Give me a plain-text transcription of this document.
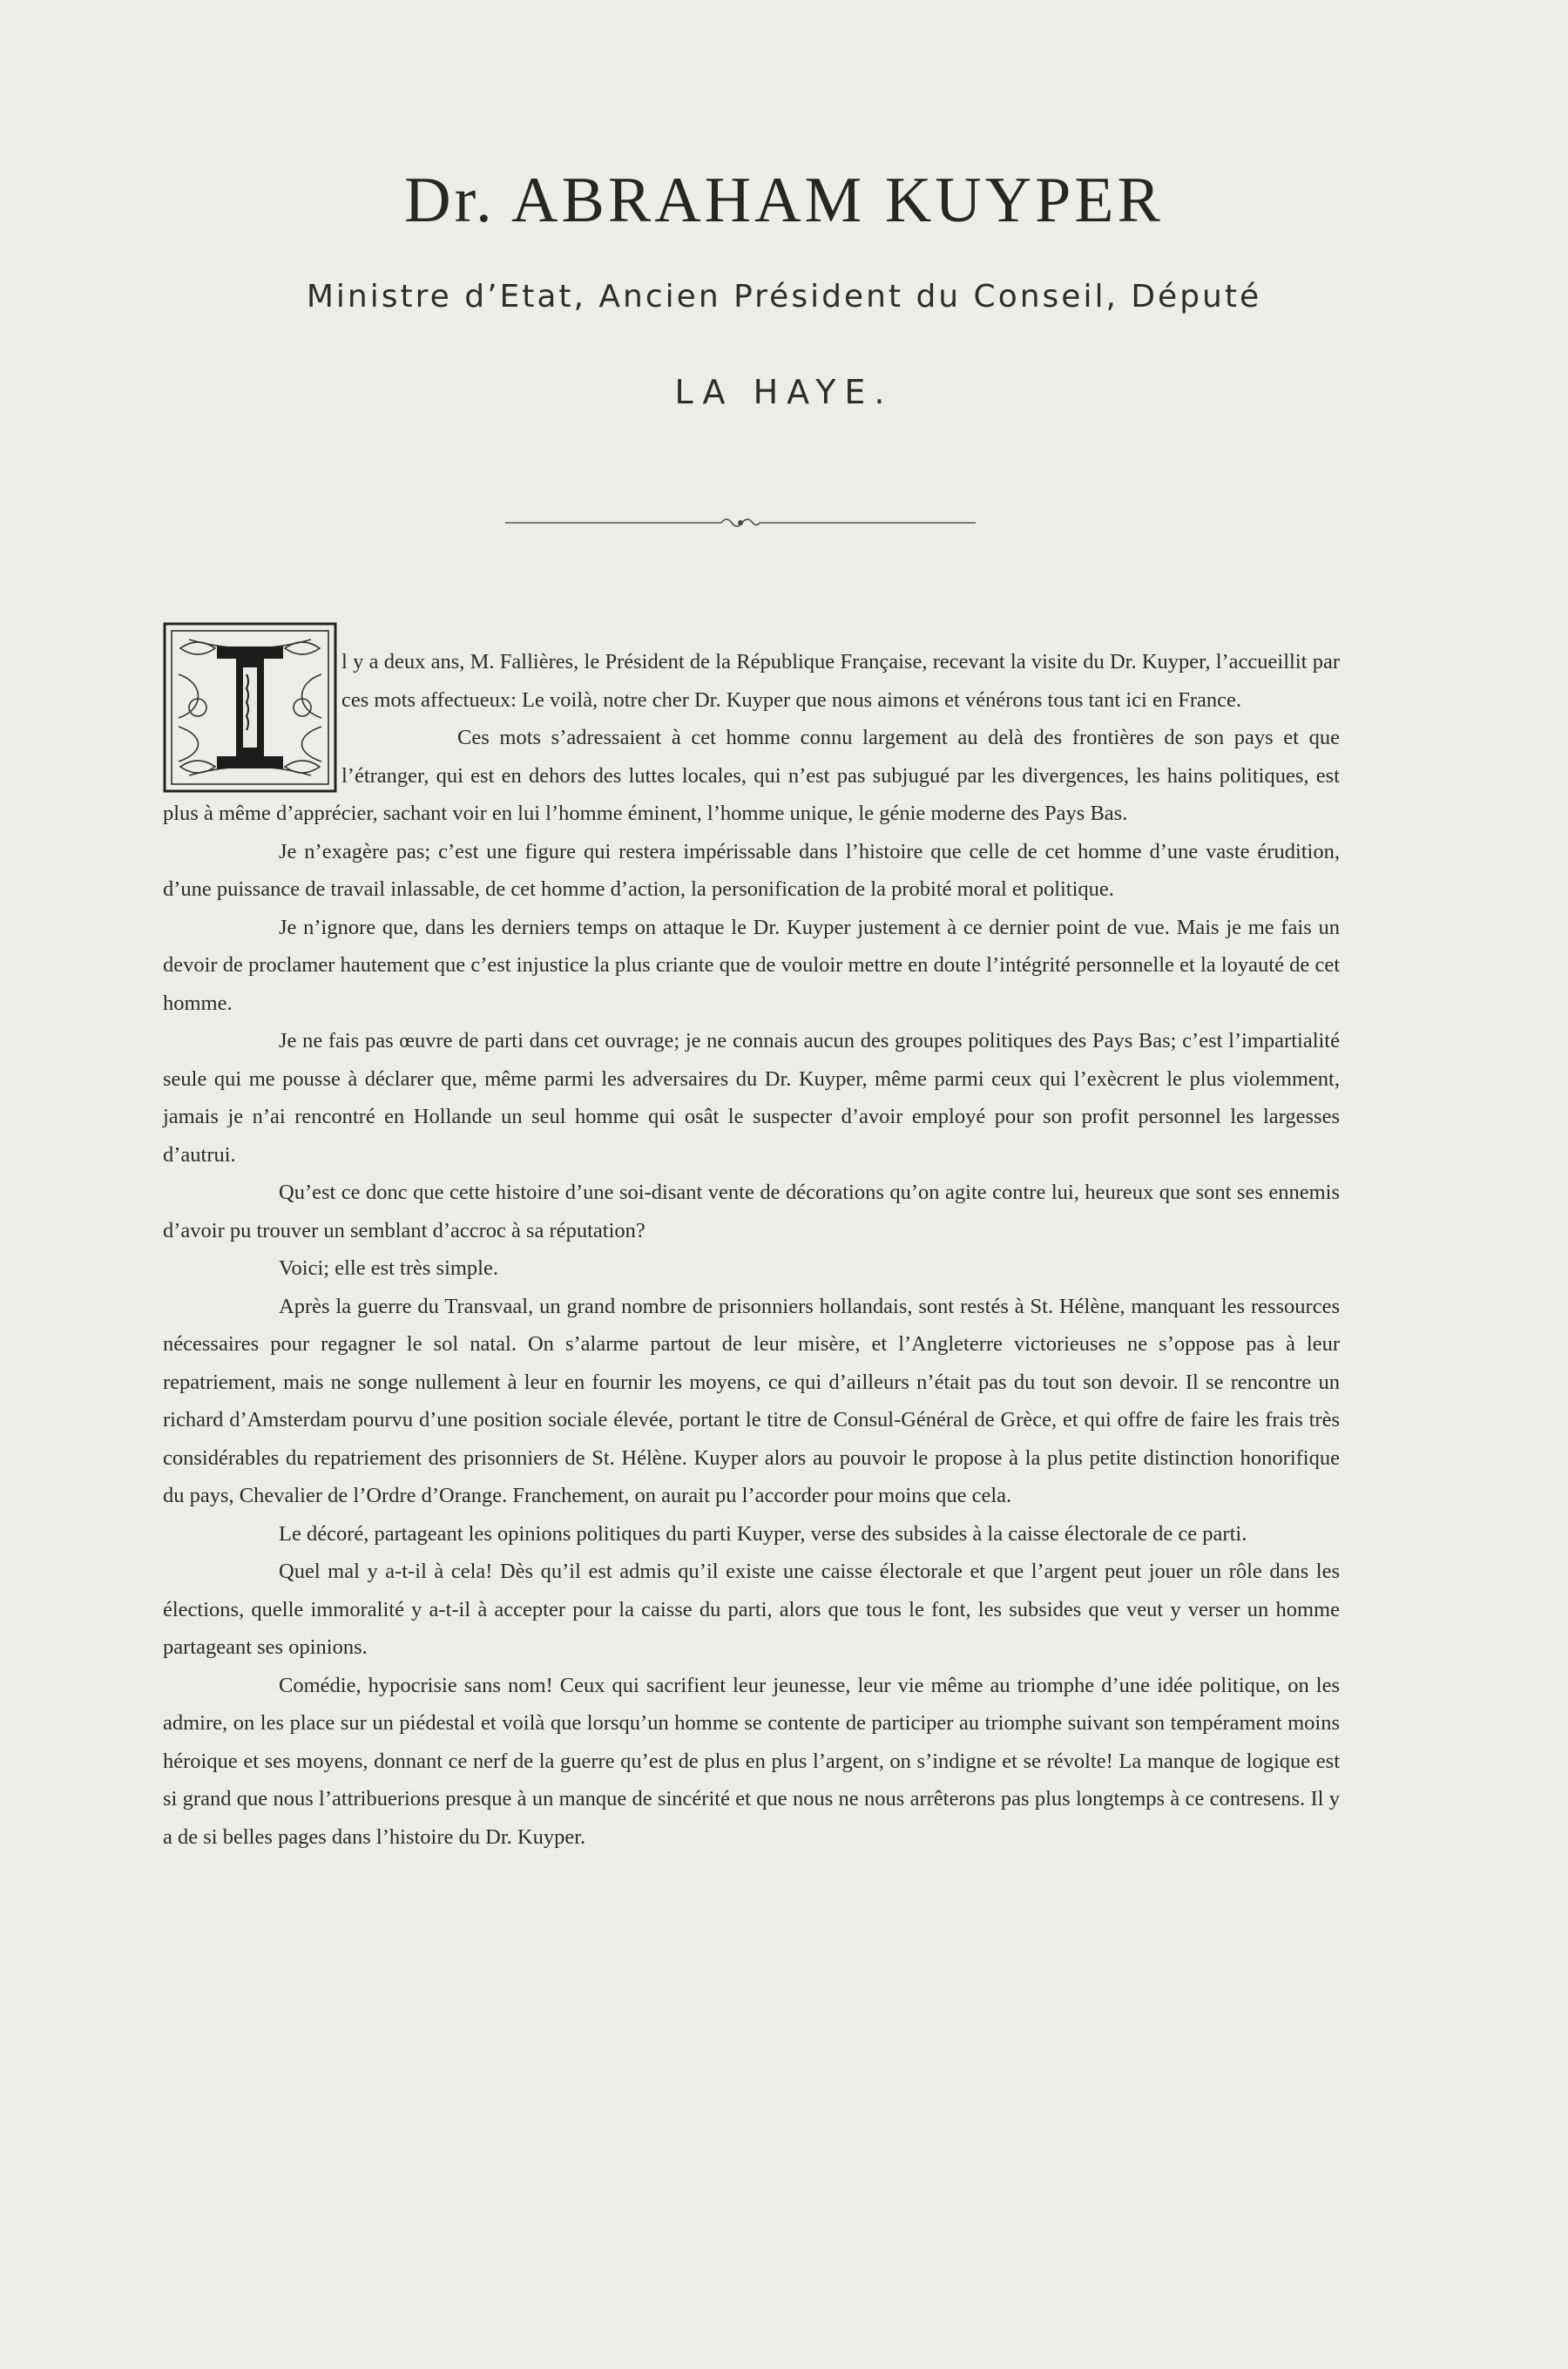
Dr. ABRAHAM KUYPER
Ministre d’Etat, Ancien Président du Conseil, Député
LA HAYE.

l y a deux ans, M. Fallières, le Président de la République Française, recevant la visite du Dr. Kuyper, l’accueillit par ces mots affectueux: Le voilà, notre cher Dr. Kuyper que nous aimons et vénérons tous tant ici en France.

Ces mots s’adressaient à cet homme connu largement au delà des frontières de son pays et que l’étranger, qui est en dehors des luttes locales, qui n’est pas subjugué par les divergences, les hains politiques, est plus à même d’apprécier, sachant voir en lui l’homme éminent, l’homme unique, le génie moderne des Pays Bas.

Je n’exagère pas; c’est une figure qui restera impérissable dans l’histoire que celle de cet homme d’une vaste érudition, d’une puissance de travail inlassable, de cet homme d’action, la personification de la probité moral et politique.

Je n’ignore que, dans les derniers temps on attaque le Dr. Kuyper justement à ce dernier point de vue. Mais je me fais un devoir de proclamer hautement que c’est injustice la plus criante que de vouloir mettre en doute l’intégrité personnelle et la loyauté de cet homme.

Je ne fais pas œuvre de parti dans cet ouvrage; je ne connais aucun des groupes politiques des Pays Bas; c’est l’impartialité seule qui me pousse à déclarer que, même parmi les adversaires du Dr. Kuyper, même parmi ceux qui l’exècrent le plus violemment, jamais je n’ai rencontré en Hollande un seul homme qui osât le suspecter d’avoir employé pour son profit personnel les largesses d’autrui.

Qu’est ce donc que cette histoire d’une soi-disant vente de décorations qu’on agite contre lui, heureux que sont ses ennemis d’avoir pu trouver un semblant d’accroc à sa réputation?

Voici; elle est très simple.

Après la guerre du Transvaal, un grand nombre de prisonniers hollandais, sont restés à St. Hélène, manquant les ressources nécessaires pour regagner le sol natal. On s’alarme partout de leur misère, et l’Angleterre victorieuses ne s’oppose pas à leur repatriement, mais ne songe nullement à leur en fournir les moyens, ce qui d’ailleurs n’était pas du tout son devoir. Il se rencontre un richard d’Amsterdam pourvu d’une position sociale élevée, portant le titre de Consul-Général de Grèce, et qui offre de faire les frais très considérables du repatriement des prisonniers de St. Hélène. Kuyper alors au pouvoir le propose à la plus petite distinction honorifique du pays, Chevalier de l’Ordre d’Orange. Franchement, on aurait pu l’accorder pour moins que cela.

Le décoré, partageant les opinions politiques du parti Kuyper, verse des subsides à la caisse électorale de ce parti.

Quel mal y a-t-il à cela! Dès qu’il est admis qu’il existe une caisse électorale et que l’argent peut jouer un rôle dans les élections, quelle immoralité y a-t-il à accepter pour la caisse du parti, alors que tous le font, les subsides que veut y verser un homme partageant ses opinions.

Comédie, hypocrisie sans nom! Ceux qui sacrifient leur jeunesse, leur vie même au triomphe d’une idée politique, on les admire, on les place sur un piédestal et voilà que lorsqu’un homme se contente de participer au triomphe suivant son tempérament moins héroique et ses moyens, donnant ce nerf de la guerre qu’est de plus en plus l’argent, on s’indigne et se révolte! La manque de logique est si grand que nous l’attribuerions presque à un manque de sincérité et que nous ne nous arrêterons pas plus longtemps à ce contresens. Il y a de si belles pages dans l’histoire du Dr. Kuyper.
